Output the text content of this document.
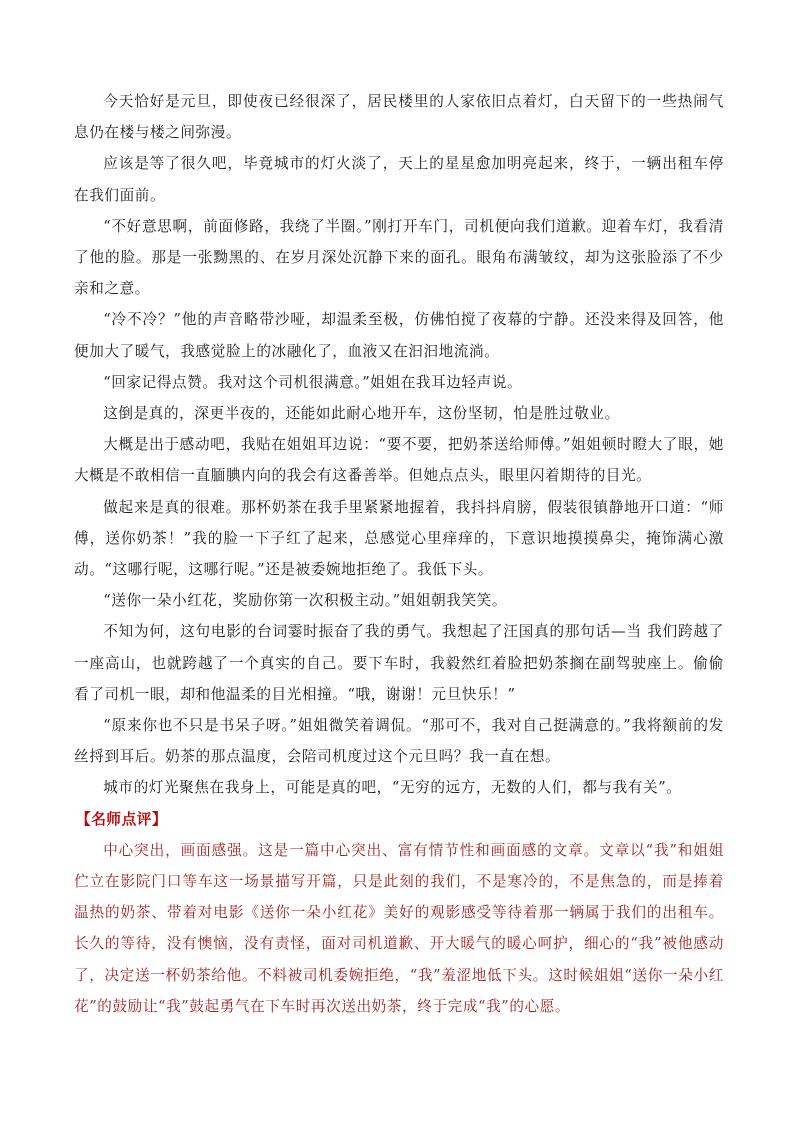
今天恰好是元旦，即使夜已经很深了，居民楼里的人家依旧点着灯，白天留下的一些热闹气息仍在楼与楼之间弥漫。

应该是等了很久吧，毕竟城市的灯火淡了，天上的星星愈加明亮起来，终于，一辆出租车停在我们面前。

“不好意思啊，前面修路，我绕了半圈。”刚打开车门，司机便向我们道歉。迎着车灯，我看清了他的脸。那是一张黝黑的、在岁月深处沉静下来的面孔。眼角布满皱纹，却为这张脸添了不少亲和之意。

“冷不冷？”他的声音略带沙哑，却温柔至极，仿佛怕搅了夜幕的宁静。还没来得及回答，他便加大了暖气，我感觉脸上的冰融化了，血液又在汩汩地流淌。

“回家记得点赞。我对这个司机很满意。”姐姐在我耳边轻声说。

这倒是真的，深更半夜的，还能如此耐心地开车，这份坚韧，怕是胜过敬业。

大概是出于感动吧，我贴在姐姐耳边说：“要不要，把奶茶送给师傅。”姐姐顿时瞪大了眼，她大概是不敢相信一直腼腆内向的我会有这番善举。但她点点头，眼里闪着期待的目光。

做起来是真的很难。那杯奶茶在我手里紧紧地握着，我抖抖肩膀，假装很镇静地开口道：“师傅，送你奶茶！”我的脸一下子红了起来，总感觉心里痒痒的，下意识地摸摸鼻尖，掩饰满心激动。“这哪行呢，这哪行呢。”还是被委婉地拒绝了。我低下头。

“送你一朵小红花，奖励你第一次积极主动。”姐姐朝我笑笑。

不知为何，这句电影的台词霎时振奋了我的勇气。我想起了汪国真的那句话—当 我们跨越了一座高山，也就跨越了一个真实的自己。要下车时，我毅然红着脸把奶茶搁在副驾驶座上。偷偷看了司机一眼，却和他温柔的目光相撞。“哦，谢谢！元旦快乐！”

“原来你也不只是书呆子呀。”姐姐微笑着调侃。“那可不，我对自己挺满意的。”我将额前的发丝捋到耳后。奶茶的那点温度，会陪司机度过这个元旦吗？我一直在想。

城市的灯光聚焦在我身上，可能是真的吧，“无穷的远方，无数的人们，都与我有关”。

【名师点评】

中心突出，画面感强。这是一篇中心突出、富有情节性和画面感的文章。文章以“我”和姐姐伫立在影院门口等车这一场景描写开篇，只是此刻的我们，不是寒冷的，不是焦急的，而是捧着温热的奶茶、带着对电影《送你一朵小红花》美好的观影感受等待着那一辆属于我们的出租车。长久的等待，没有懊恼，没有责怪，面对司机道歉、开大暖气的暖心呵护，细心的“我”被他感动了，决定送一杯奶茶给他。不料被司机委婉拒绝，“我”羞涩地低下头。这时候姐姐“送你一朵小红花”的鼓励让“我”鼓起勇气在下车时再次送出奶茶，终于完成“我”的心愿。
